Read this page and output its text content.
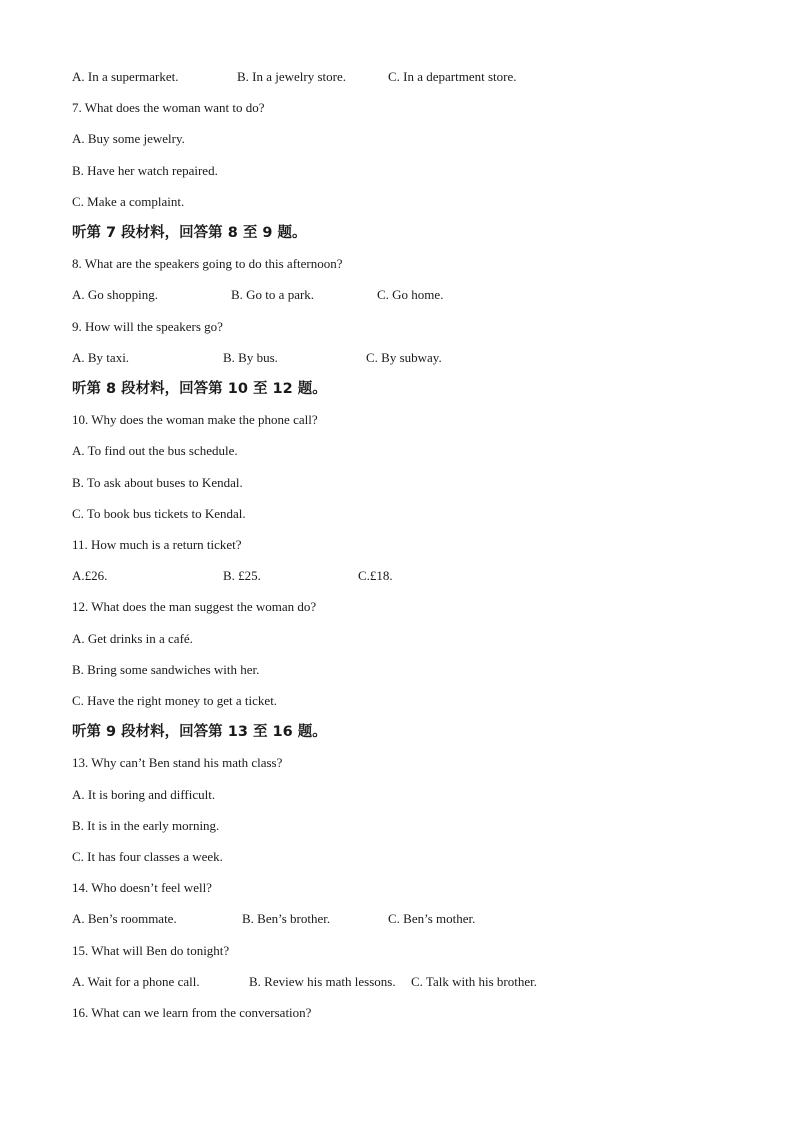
A. In a supermarket.	B. In a jewelry store.	C. In a department store.
7. What does the woman want to do?
A. Buy some jewelry.
B. Have her watch repaired.
C. Make a complaint.
听第 7 段材料，回答第 8 至 9 题。
8. What are the speakers going to do this afternoon?
A. Go shopping.	B. Go to a park.	C. Go home.
9. How will the speakers go?
A. By taxi.	B. By bus.	C. By subway.
听第 8 段材料，回答第 10 至 12 题。
10. Why does the woman make the phone call?
A. To find out the bus schedule.
B. To ask about buses to Kendal.
C. To book bus tickets to Kendal.
11. How much is a return ticket?
A.£26.	B. £25.	C.£18.
12. What does the man suggest the woman do?
A. Get drinks in a café.
B. Bring some sandwiches with her.
C. Have the right money to get a ticket.
听第 9 段材料，回答第 13 至 16 题。
13. Why can’t Ben stand his math class?
A. It is boring and difficult.
B. It is in the early morning.
C. It has four classes a week.
14. Who doesn’t feel well?
A. Ben’s roommate.	B. Ben’s brother.	C. Ben’s mother.
15. What will Ben do tonight?
A. Wait for a phone call.	B. Review his math lessons. C. Talk with his brother.
16. What can we learn from the conversation?
